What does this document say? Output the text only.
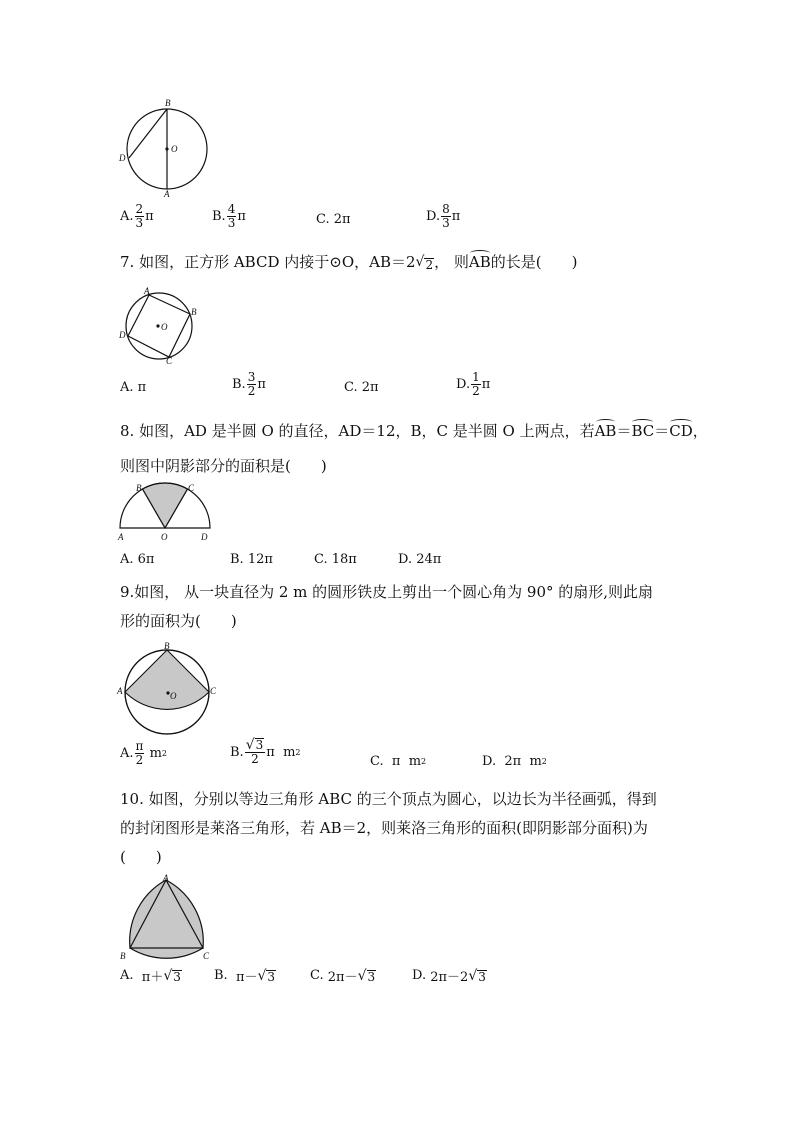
B
D
O
A
A. $\frac{2}{3}$ π	B. $\frac{4}{3}$ π	C.
2π	D. $\frac{8}{3}$ π
7. 如图，正方形 ABCD 内接于⊙O，AB＝2 √ 2 ， 则 AB 的长是(　　)
A
B
C
D
O
A.
π	B. $\frac{3}{2}$ π	C.
2π	D. $\frac{1}{2}$ π
8. 如图，AD 是半圆 O 的直径，AD＝12，B，C 是半圆 O 上两点，若 AB ＝ BC ＝ CD ，
则图中阴影部分的面积是(　　)
B	C
A	O	D
A. 6π	B. 12π	C. 18π	D. 24π
9.如图， 从一块直径为 2 m 的圆形铁皮上剪出一个圆心角为 90° 的扇形,则此扇
形的面积为(　　)
B
A	O	C
A. $\frac{\pi}{2}$
m 2	B. $\frac{√ 3}{2}$ π
m 2
C.
π
m 2	D.
2π
m 2
10. 如图，分别以等边三角形 ABC 的三个顶点为圆心，以边长为半径画弧，得到
的封闭图形是莱洛三角形，若 AB＝2，则莱洛三角形的面积(即阴影部分面积)为
(　　)
A
B	C
A.
π＋ √ 3	B.
π－ √ 3	C.
2π－ √ 3	D.
2π－2 √ 3
